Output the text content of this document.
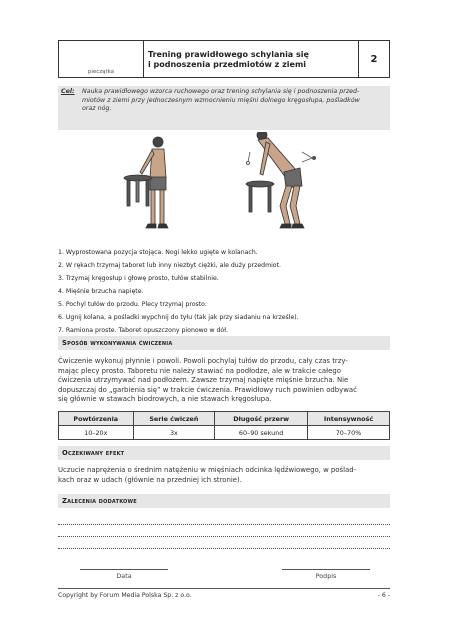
pieczątka
Trening prawidłowego schylania się
i podnoszenia przedmiotów z ziemi	2
Cel: Nauka prawidłowego wzorca ruchowego oraz trening schylania się i podnoszenia przed-
miotów z ziemi przy jednoczesnym wzmocnieniu mięśni dolnego kręgosłupa, pośladków
oraz nóg.
1. Wyprostowana pozycja stojąca. Nogi lekko ugięte w kolanach.
2. W rękach trzymaj taboret lub inny niezbyt ciężki, ale duży przedmiot.
3. Trzymaj kręgosłup i głowę prosto, tułów stabilnie.
4. Mięśnie brzucha napięte.
5. Pochyl tułów do przodu. Plecy trzymaj prosto.
6. Ugnij kolana, a pośladki wypchnij do tyłu (tak jak przy siadaniu na krześle).
7. Ramiona proste. Taboret opuszczony pionowo w dół.
Sposób wykonywania ćwiczenia
Ćwiczenie wykonuj płynnie i powoli. Powoli pochylaj tułów do przodu, cały czas trzy-
mając plecy prosto. Taboretu nie należy stawiać na podłodze, ale w trakcie całego
ćwiczenia utrzymywać nad podłożem. Zawsze trzymaj napięte mięśnie brzucha. Nie
dopuszczaj do „garbienia się” w trakcie ćwiczenia. Prawidłowy ruch powinien odbywać
się głównie w stawach biodrowych, a nie stawach kręgosłupa.
Powtórzenia	Serie ćwiczeń	Długość przerw	Intensywność
10–20x	3x	60–90 sekund	70–70%
Oczekiwany efekt
Uczucie naprężenia o średnim natężeniu w mięśniach odcinka lędźwiowego, w poślad-
kach oraz w udach (głównie na przedniej ich stronie).
Zalecenia dodatkowe
Data	Podpis
Copyright by Forum Media Polska Sp. z o.o.	- 6 -
